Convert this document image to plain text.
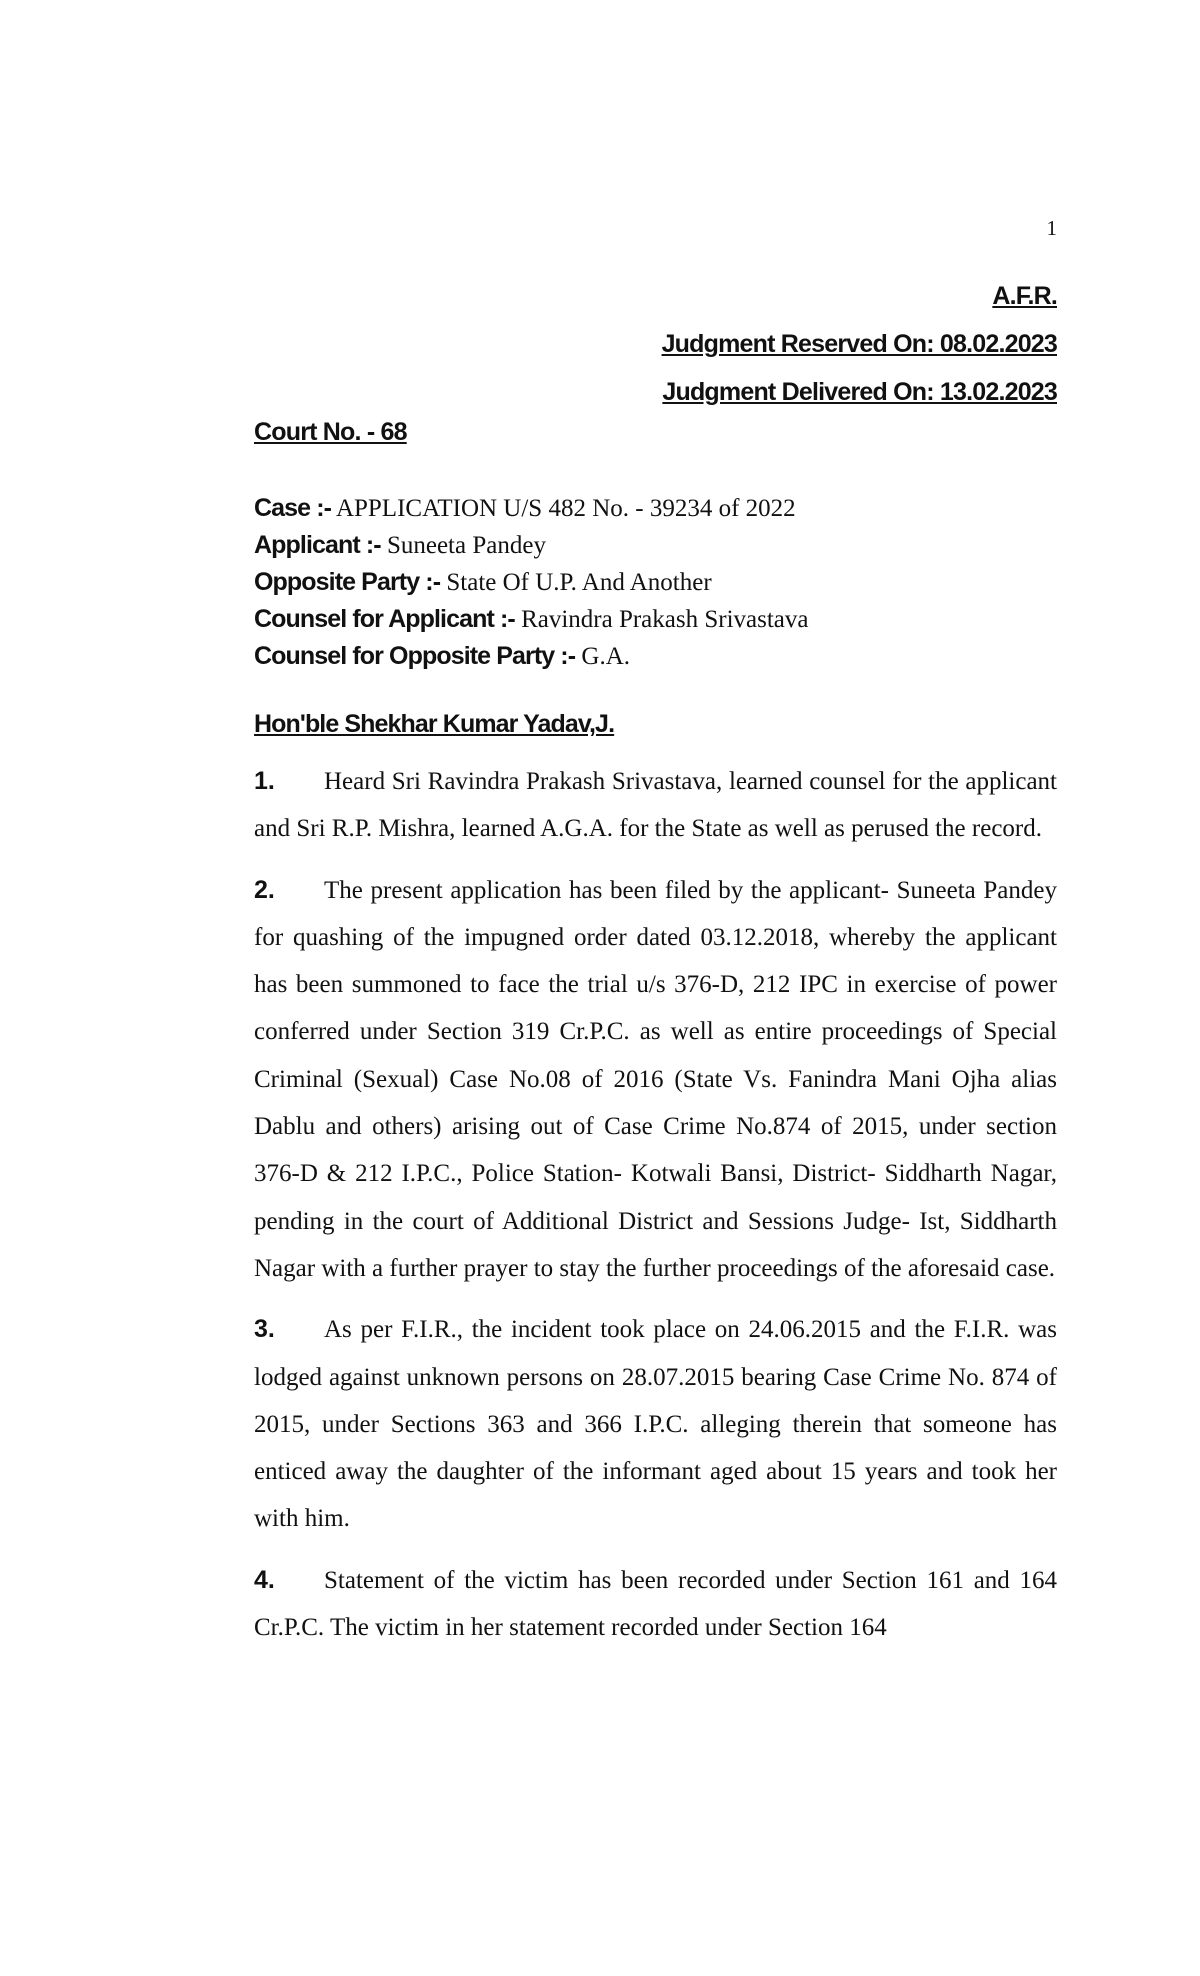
1
A.F.R.
Judgment Reserved On: 08.02.2023
Judgment Delivered On: 13.02.2023
Court No. - 68
Case :- APPLICATION U/S 482 No. - 39234 of 2022
Applicant :- Suneeta Pandey
Opposite Party :- State Of U.P. And Another
Counsel for Applicant :- Ravindra Prakash Srivastava
Counsel for Opposite Party :- G.A.
Hon'ble Shekhar Kumar Yadav,J.

1. Heard Sri Ravindra Prakash Srivastava, learned counsel for the applicant and Sri R.P. Mishra, learned A.G.A. for the State as well as perused the record.

2. The present application has been filed by the applicant- Suneeta Pandey for quashing of the impugned order dated 03.12.2018, whereby the applicant has been summoned to face the trial u/s 376-D, 212 IPC in exercise of power conferred under Section 319 Cr.P.C. as well as entire proceedings of Special Criminal (Sexual) Case No.08 of 2016 (State Vs. Fanindra Mani Ojha alias Dablu and others) arising out of Case Crime No.874 of 2015, under section 376-D & 212 I.P.C., Police Station- Kotwali Bansi, District- Siddharth Nagar, pending in the court of Additional District and Sessions Judge- Ist, Siddharth Nagar with a further prayer to stay the further proceedings of the aforesaid case.

3. As per F.I.R., the incident took place on 24.06.2015 and the F.I.R. was lodged against unknown persons on 28.07.2015 bearing Case Crime No. 874 of 2015, under Sections 363 and 366 I.P.C. alleging therein that someone has enticed away the daughter of the informant aged about 15 years and took her with him.

4. Statement of the victim has been recorded under Section 161 and 164 Cr.P.C. The victim in her statement recorded under Section 164
